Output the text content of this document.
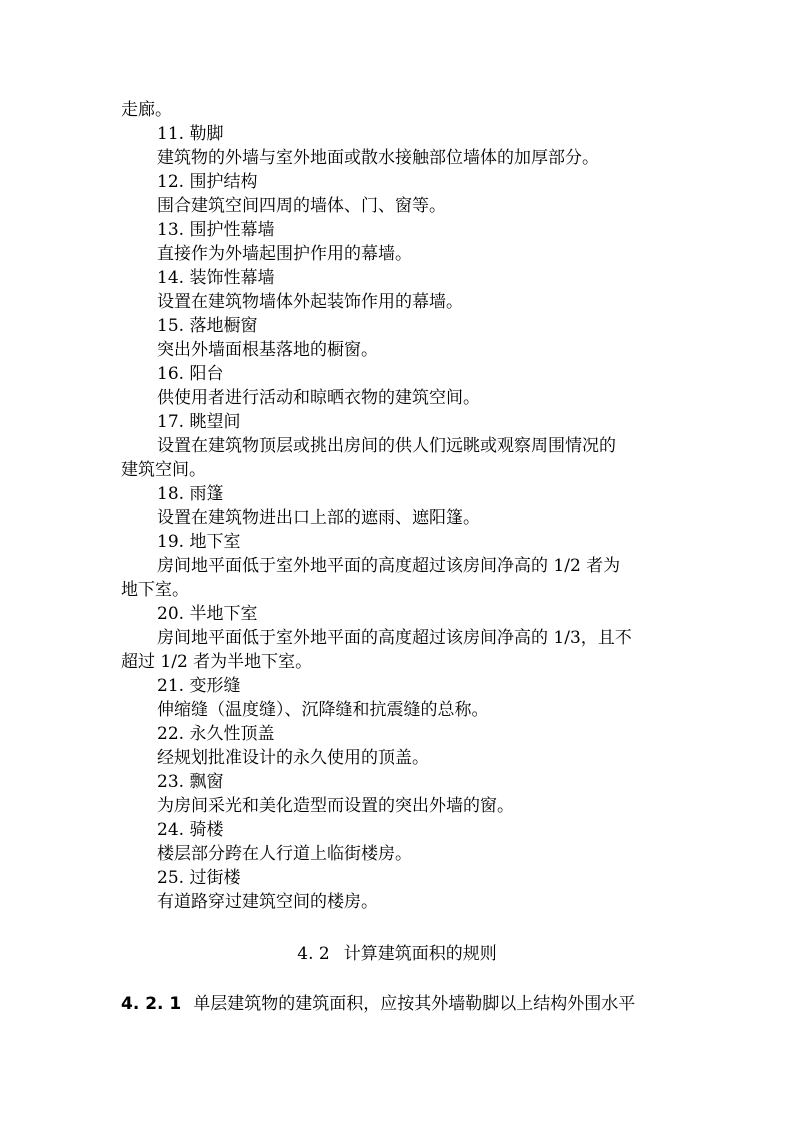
走廊。
11. 勒脚
建筑物的外墙与室外地面或散水接触部位墙体的加厚部分。
12. 围护结构
围合建筑空间四周的墙体、门、窗等。
13. 围护性幕墙
直接作为外墙起围护作用的幕墙。
14. 装饰性幕墙
设置在建筑物墙体外起装饰作用的幕墙。
15. 落地橱窗
突出外墙面根基落地的橱窗。
16. 阳台
供使用者进行活动和晾晒衣物的建筑空间。
17. 眺望间
设置在建筑物顶层或挑出房间的供人们远眺或观察周围情况的
建筑空间。
18. 雨篷
设置在建筑物进出口上部的遮雨、遮阳篷。
19. 地下室
房间地平面低于室外地平面的高度超过该房间净高的 1/2 者为
地下室。
20. 半地下室
房间地平面低于室外地平面的高度超过该房间净高的 1/3，且不
超过 1/2 者为半地下室。
21. 变形缝
伸缩缝（温度缝）、沉降缝和抗震缝的总称。
22. 永久性顶盖
经规划批准设计的永久使用的顶盖。
23. 飘窗
为房间采光和美化造型而设置的突出外墙的窗。
24. 骑楼
楼层部分跨在人行道上临街楼房。
25. 过街楼
有道路穿过建筑空间的楼房。
4. 2 计算建筑面积的规则
4. 2. 1 单层建筑物的建筑面积，应按其外墙勒脚以上结构外围水平
